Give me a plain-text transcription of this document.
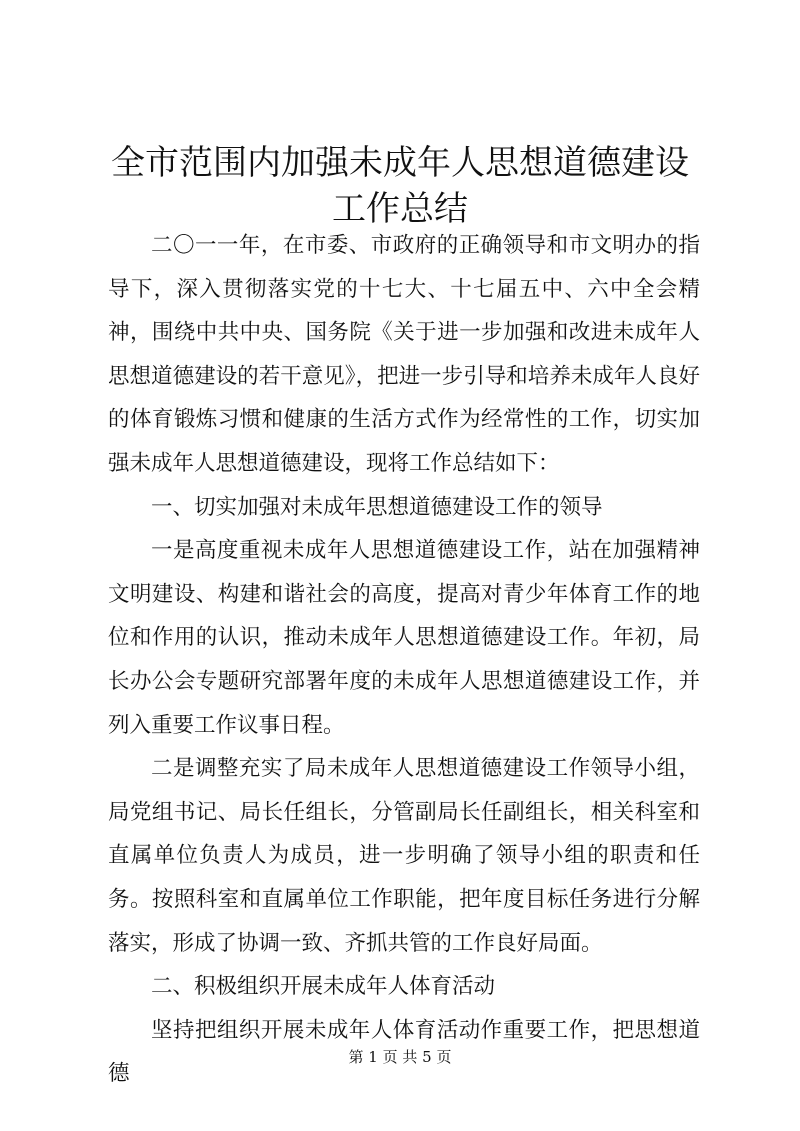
全市范围内加强未成年人思想道德建设工作总结

二〇一一年，在市委、市政府的正确领导和市文明办的指导下，深入贯彻落实党的十七大、十七届五中、六中全会精神，围绕中共中央、国务院《关于进一步加强和改进未成年人思想道德建设的若干意见》，把进一步引导和培养未成年人良好的体育锻炼习惯和健康的生活方式作为经常性的工作，切实加强未成年人思想道德建设，现将工作总结如下：

一、切实加强对未成年思想道德建设工作的领导

一是高度重视未成年人思想道德建设工作，站在加强精神文明建设、构建和谐社会的高度，提高对青少年体育工作的地位和作用的认识，推动未成年人思想道德建设工作。年初，局长办公会专题研究部署年度的未成年人思想道德建设工作，并列入重要工作议事日程。

二是调整充实了局未成年人思想道德建设工作领导小组，局党组书记、局长任组长，分管副局长任副组长，相关科室和直属单位负责人为成员，进一步明确了领导小组的职责和任务。按照科室和直属单位工作职能，把年度目标任务进行分解落实，形成了协调一致、齐抓共管的工作良好局面。

二、积极组织开展未成年人体育活动

坚持把组织开展未成年人体育活动作重要工作，把思想道德

第 1 页 共 5 页
